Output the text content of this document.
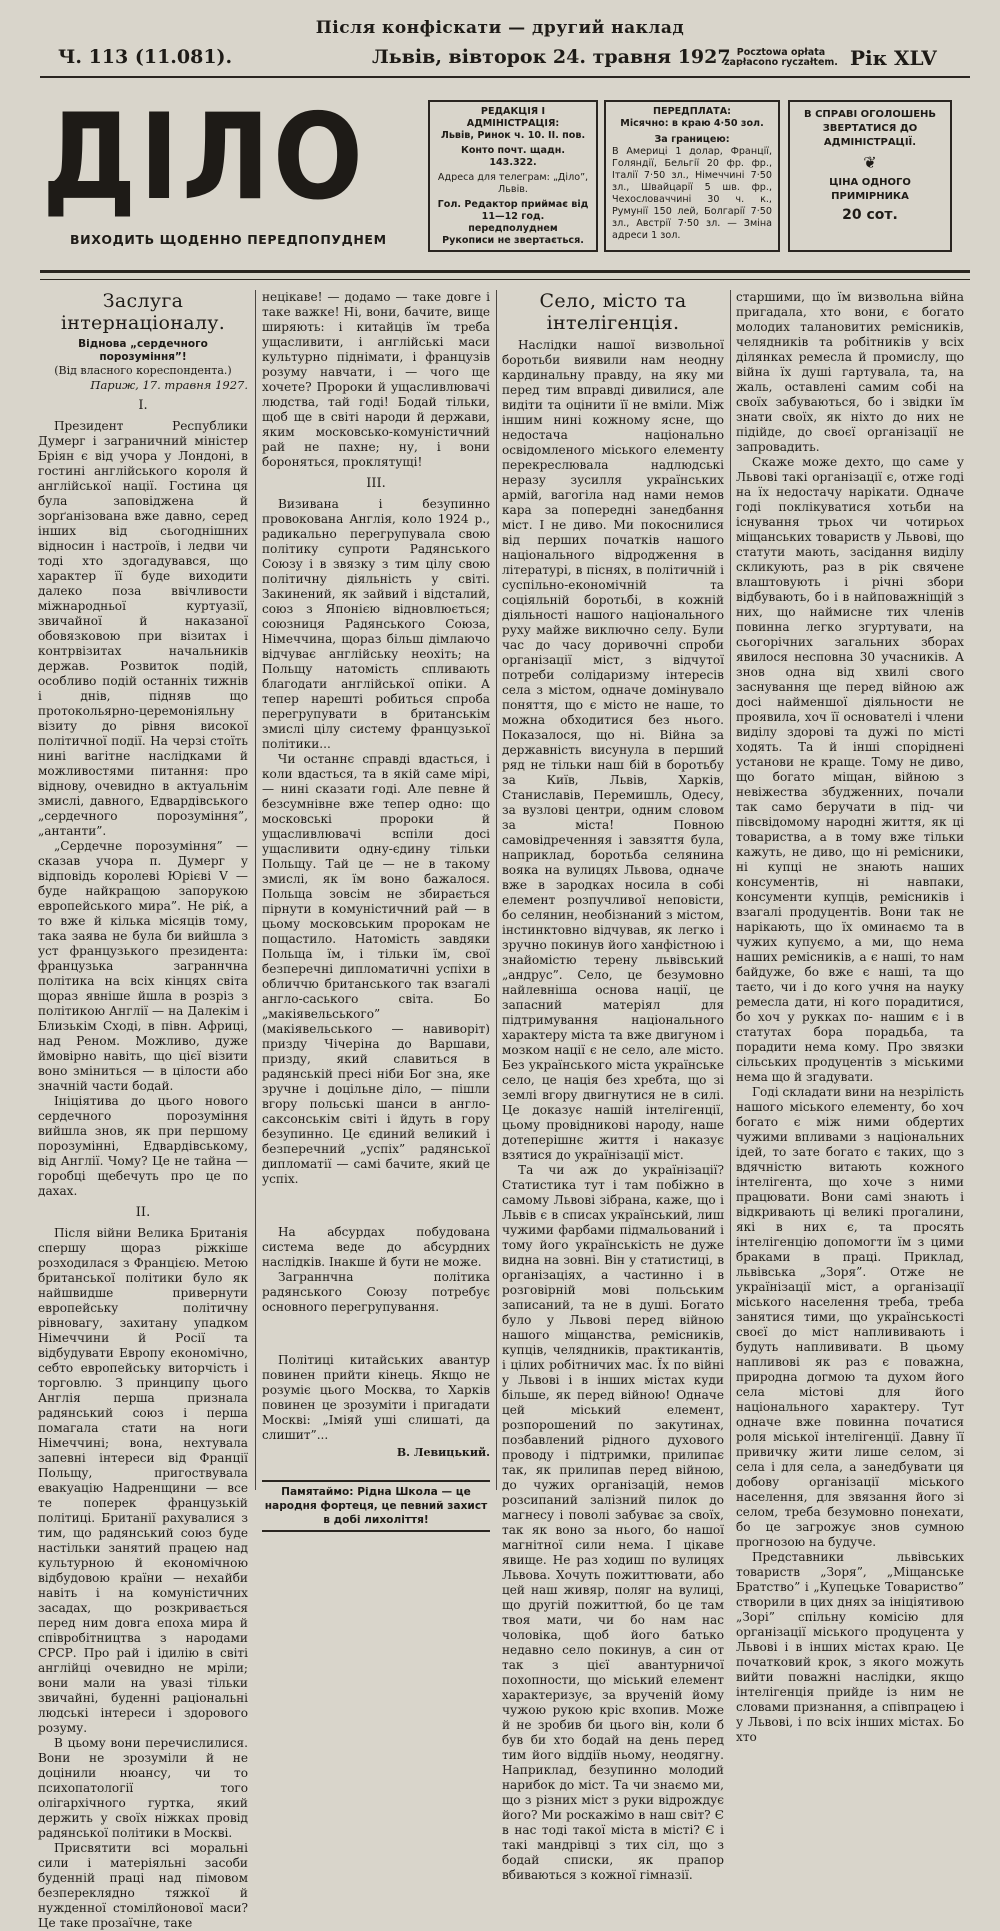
Після конфіскати — другий наклад
Ч. 113 (11.081).	Львів, вівторок 24. травня 1927 Pocztowa opłata
zapłacono ryczałtem. Рік XLV
ДІЛО
ВИХОДИТЬ ЩОДЕННО ПЕРЕДПОПУДНЕМ
РЕДАКЦІЯ І АДМІНІСТРАЦІЯ:
Львів, Ринок ч. 10. ІІ. пов.
Конто почт. щадн. 143.322.
Адреса для телеграм: „Діло”, Львів.
Гол. Редактор приймає від 11—12 год. передполуднем
Рукописи не звертається.
ПЕРЕДПЛАТА:
Місячно: в краю 4·50 зол.
За границею:
В Америці 1 долар, Франції, Голяндії, Бельгії 20 фр. фр., Італії 7·50 зл., Німеччині 7·50 зл., Швайцарії 5 шв. фр., Чехословаччині 30 ч. к., Румунії 150 лей, Болгарії 7·50 зл., Австрії 7·50 зл. — Зміна адреси 1 зол.
В СПРАВІ ОГОЛОШЕНЬ ЗВЕРТАТИСЯ ДО АДМІНІСТРАЦІЇ.
❦
ЦІНА ОДНОГО ПРИМІРНИКА
20 сот.
Заслуга інтернаціоналу.
Відновa „сердечного порозуміння”!
(Від власного кореспондента.)
Париж, 17. травня 1927.

І.

Президент Республики Думерг і заграничний міністер Бріян є від учора у Лондоні, в гостині англійського короля й англійської нації. Гостина ця була заповіджена й зорґанізована вже давно, серед інших від сьогоднішних відносин і настроїв, і ледви чи тоді хто здогадувався, що характер її буде виходити далеко поза ввічливости міжнародньої куртуазії, звичайної й наказаної обовязковою при візитах і контрвізитах начальників держав. Розвиток подій, особливо подій останніх тижнів і днів, підняв що протокольярно-церемоніяльну візиту до рівня високої політичної події. На черзі стоїть нині вагітне наслідками й можливостями питання: про відновy, очевидно в актуальнім змислі, давного, Едвардівського „сердечного порозуміння”, „антанти”.

„Сердечне порозуміння” — сказав учора п. Думерг у відповідь королеві Юрієві V — буде найкращою запорукою европейського мира”. Не ріќ, а то вже й кілька місяців тому, така заява не була би вийшла з уст французького президента: французька заграннчна політика на всіх кінцях світа щораз явніше йшла в розріз з політикою Англії — на Далекім і Близькім Сході, в півн. Африці, над Реном. Можливо, дуже ймовірно навіть, що цієї візити воно зміниться — в цілости або значній части бодай.

Ініціятива до цього нового сердечного порозуміння вийшла знов, як при першому порозумінні, Едвардівському, від Англії. Чому? Це не тайна — горобці щебечуть про це по дахах.

ІІ.

Після війни Велика Британія спершу щораз ріжкіше розходилася з Францією. Метою британської політики було як найшвидше привернути европейську політичну рівновагу, захитану упадком Німеччини й Росії та відбудувати Европу економічно, себто европейську виторчість і торговлю. З принципу цього Англія перша признала радянський союз і перша помагала стати на ноги Німеччині; вона, нехтувала запевні інтереси від Франції Польщу, пригоствувала евакуацію Надренщини — все те поперек французькій політиці. Британії рахувалися з тим, що радянський союз буде настільки занятий працею над культурною й економічною відбудовою країни — нехайби навіть і на комуністичних засадах, що розкривається перед ним довга епоха мира й співробітництва з народами СРСР. Про рай і ідилію в світі англійці очевидно не мріли; вони мали на увазі тільки звичайні, буденні раціональні людські інтереси і здорового розуму.

В цьому вони перечислилися. Вони не зрозуміли й не доцінили нюансу, чи то психопатології того олігархічного гуртка, який держить у своїх ніжках провід радянської політики в Москві.

Присвятити всі моральні сили і матеріяльні засоби буденній праці над пімовом безпереклядно тяжкої й нужденної стомілйонової маси? Це таке прозаїчне, таке

нецікаве! — додамо — таке довге і таке важке! Ні, вони, бачите, вище ширяють: і китайців їм треба ущасливити, і англійські маси культурно піднімати, і французів розуму навчати, і — чого ще хочете? Пророки й ущасливлювачі людства, тай годі! Бодай тільки, щоб ще в світі народи й держави, яким московсько-комуністичний рай не пахне; ну, і вони бороняться, проклятущі!

ІІІ.

Визивана і безупинно провокована Англія, коло 1924 р., радикально перегрупувала свою політику супроти Радянського Союзу і в звязку з тим цілу свою політичну діяльність у світі. Закинений, як зайвий і відсталий, союз з Японією відновлюється; союзниця Радянського Союза, Німеччина, щораз більш дімлаючо відчуває англійську неохіть; на Польщу натомість спливають благодати англійської опіки. А тепер нарешті робиться спроба перегрупувати в британськім змислі цілу систему французької політики...

Чи останнє справді вдасться, і коли вдасться, та в якій саме мірі, — нині сказати годі. Але певне й безсумнівне вже тепер одно: що московські пророки й ущасливлювачі вспіли досі ущасливити одну-єдину тільки Польщу. Тай це — не в такому змислі, як їм воно бажалося. Польща зовсім не збирається пірнути в комуністичний рай — в цьому московським пророкам не пощастило. Натомість завдяки Польща їм, і тільки їм, свої безперечні дипломатичні успіхи в обличчю британського так взагалі англо-саського світа. Бо „макіявельського” (макіявельського — навиворіт) призду Чічеріна до Варшави, призду, який славиться в радянській пресі ніби Бог зна, яке зручне і доцільне діло, — пішли вгору польські шанси в англо-саксонськім світі і йдуть в гору безупинно. Це єдиний великий і безперечний „успіх” радянської дипломатії — самі бачите, який це успіх.

На абсурдах побудована система веде до абсурдних наслідків. Інакше й бути не може.

Заграннчна політика радянського Союзу потребує основного перегрупування.

Політиці китайських авантур повинен прийти кінець. Якщо не розуміє цього Москва, то Харків повинен це зрозуміти і пригадати Москві: „Іміяй уші слишаті, да слишит”...

В. Левицький.
Памятаймо: Рідна Школа — це народня фортеця, це певний захист в добі лихоліття!
Село, місто та інтелігенція.

Наслідки нашої визвольної боротьби виявили нам неодну кардинальну правду, на яку ми перед тим вправді дивилися, але видіти та оцінити її не вміли. Між іншим нині кожному ясне, що недостача національно освідомленого міського елементу перекреслювала надлюдські неразу зусилля українських армій, вагогіла над нами немов кара за попередні занедбання міст. І не диво. Ми покоснилися від перших початків нашого національного відродження в літературі, в піснях, в політичній і суспільно-економічній та соціяльній боротьбі, в кожній діяльності нашого національного руху майже виключно селу. Були час до часу доривочні спроби організації міст, з відчутої потреби солідаризму інтересів села з містом, одначе домінувало поняття, що є місто не наше, то можна обходитися без нього. Показалося, що ні. Війна за державність висунула в перший ряд не тільки наш бій в боротьбу за Київ, Львів, Харків, Станиславів, Перемишль, Одесу, за вузлові центри, одним словом за міста! Повною самовідреченняя і завзяття була, наприклад, боротьба селянина вояка на вулицях Львова, одначе вже в зародках носила в собі елемент розпучливої неповісти, бо селянин, необізнаний з містом, інстинктовно відчував, як легко і зручно покинув його ханфістною і знайомістю терену львівський „андрус”. Село, це безумовно найлевніша основа нації, це запасний матеріял для підтримування національного характеру міста та вже двигуном і мозком нації є не село, але місто. Без українського міста українське село, це нація без хребта, що зі землі вгору двигнутися не в силі. Це доказує нашій інтелігенції, цьому провідникові народу, наше дотеперішнє життя і наказує взятися до українізації міст.

Та чи аж до українізації? Статистика тут і там побіжно в самому Львові зібрана, каже, що і Львів є в списах український, лиш чужими фарбами підмальований і тому його українськість не дуже видна на зовні. Він у статистиці, в організаціях, а частинно і в розговірній мові польським записаний, та не в душі. Богато було у Львові перед війною нашого міщанства, ремісників, купців, челядників, практикантів, і цілих робітничих мас. Їх по війні у Львові і в інших містах куди більше, як перед війною! Одначе цей міський елемент, розпорошений по закутинах, позбавлений рідного духового проводу і підтримки, прилипає так, як прилипав перед війною, до чужих організацій, немов розсипаний залізний пилок до магнесу і поволі забуває за своїх, так як воно за нього, бо нашої магнітної сили нема. І цікаве явище. Не раз ходиш по вулицях Львова. Хочуть пожиттювати, або цей наш живяр, поляг на вулиці, що другій пожиттюй, бо це там твоя мати, чи бо нам нас чоловіка, щоб його батько недавно село покинув, а син от так з цієї авантурничої похопности, що міський елемент характеризує, за врученій йому чужою рукою кріс вхопив. Може й не зробив би цього він, коли б був би хто бодай на день перед тим його віддіїв ньому, неодягну. Наприклад, безупинно молодий нарибок до міст. Та чи знаємо ми, що з різних міст з руки відрождує його? Ми роскажімо в наш світ? Є в нас тоді такої міста в місті? Є і такі мандрівці з тих сіл, що з бодай списки, як прапор вбиваються з кожної гімназії.

старшими, що їм визвольна війна пригадала, хто вони, є богато молодих талановитих ремісників, челядників та робітників у всіх ділянках ремесла й промислу, що війна їх душі гартувала, та, на жаль, оставлені самим собі на своїх забуваються, бо і звідки їм знати своїх, як ніхто до них не підійде, до своєї організації не запровадить.

Скаже може дехто, що саме у Львові такі організації є, отже годі на їх недостачу нарікати. Одначе годі поклікуватися хотьби на існування трьох чи чотирьох міщанських товариств у Львові, що статути мають, засідання виділу скликують, раз в рік свячене влаштовують і річні збори відбувають, бо і в найповажніщій з них, що наймисне тих членів повинна легко згуртувати, на сьогорічних загальних зборах явилося несповна 30 учасників. А знов одна від хвилі свого заснування ще перед війною аж досі найменшої діяльности не проявила, хоч її основателі і члени виділу здорові та дужі по місті ходять. Та й інші споріднені установи не краще. Тому не диво, що богато міщан, війною з невіжества збудженних, почали так само беручати в під- чи півсвідомому народні життя, як ці товариства, а в тому вже тільки кажуть, не диво, що ні ремісники, ні купці не знають наших консументів, ні навпаки, консументи купців, ремісників і взагалі продуцентів. Вони так не нарікають, що їх оминаємо та в чужих купуємо, а ми, що нема наших ремісників, а є наші, то нам байдуже, бо вже є наші, та що таєто, чи і до кого учня на науку ремесла дати, ні кого порадитися, бо хоч у рукках по- нашим є і в статутах бора порадьба, та порадити нема кому. Про звязки сільських продуцентів з міськими нема що й згадувати.

Годі складати вини на незрілість нашого міського елементу, бо хоч богато є між ними обдертих чужими впливами з національних ідей, то зате богато є таких, що з вдячністю витають кожного інтелігента, що хоче з ними працювати. Вони самі знають і відкривають ці великі прогалини, які в них є, та просять інтелігенцію допомогти їм з цими браками в праці. Приклад, львівська „Зоря”. Отже не українізації міст, а організації міського населення треба, треба занятися тими, що українськості своєї до міст наплививають і будуть наплививати. В цьому напливові як раз є поважна, природна догмою та духом його села містові для його національного характеру. Тут одначе вже повинна початися роля міської інтелігенції. Давну її привичку жити лише селом, зі села і для села, а занедбувати ця добову організації міського населення, для звязання його зі селом, треба безумовно понехати, бо це загрожує знов сумною прогнозою на будуче.

Представники львівських товариств „Зоря”, „Міщанське Братство” і „Купецьке Товариство” створили в цих днях за ініціятивою „Зорі” спільну комісію для організації міського продуцента у Львові і в інших містах краю. Це початковий крок, з якого можуть вийти поважні наслідки, якщо інтелігенція прийде із ним не словами признання, а співпрацею і у Львові, і по всіх інших містах. Бо хто
